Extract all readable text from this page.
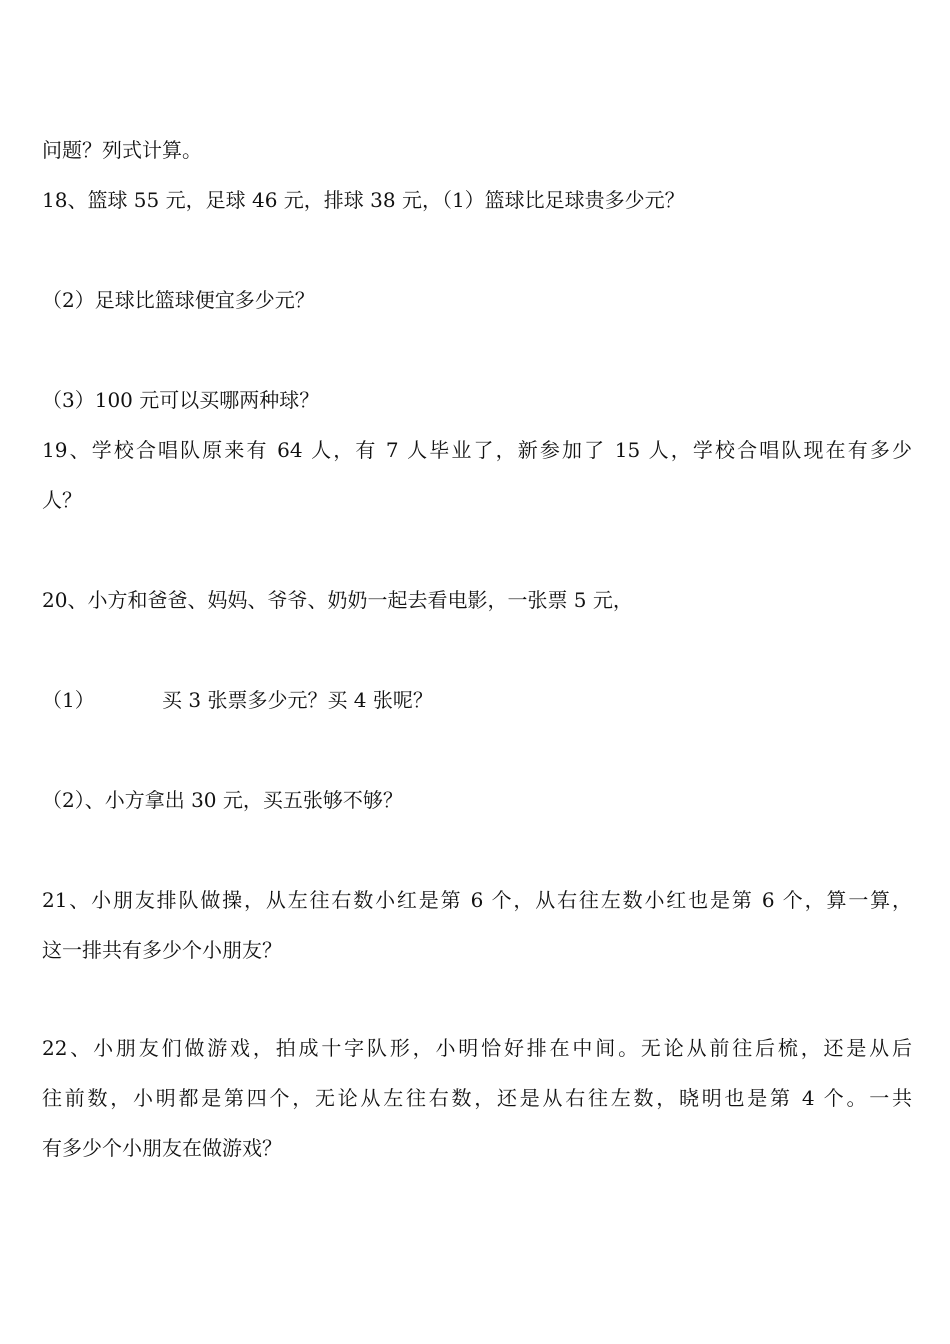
问题？列式计算。
18、篮球 55 元，足球 46 元，排球 38 元，（1）篮球比足球贵多少元？
（2）足球比篮球便宜多少元？
（3）100 元可以买哪两种球？
19、学校合唱队原来有 64 人，有 7 人毕业了，新参加了 15 人，学校合唱队现在有多少
人？
20、小方和爸爸、妈妈、爷爷、奶奶一起去看电影，一张票 5 元，
（1）	买 3 张票多少元？买 4 张呢？
（2）、小方拿出 30 元，买五张够不够？
21、小朋友排队做操，从左往右数小红是第 6 个，从右往左数小红也是第 6 个，算一算，
这一排共有多少个小朋友？
22、小朋友们做游戏，拍成十字队形，小明恰好排在中间。无论从前往后梳，还是从后
往前数，小明都是第四个，无论从左往右数，还是从右往左数，晓明也是第 4 个。一共
有多少个小朋友在做游戏？
